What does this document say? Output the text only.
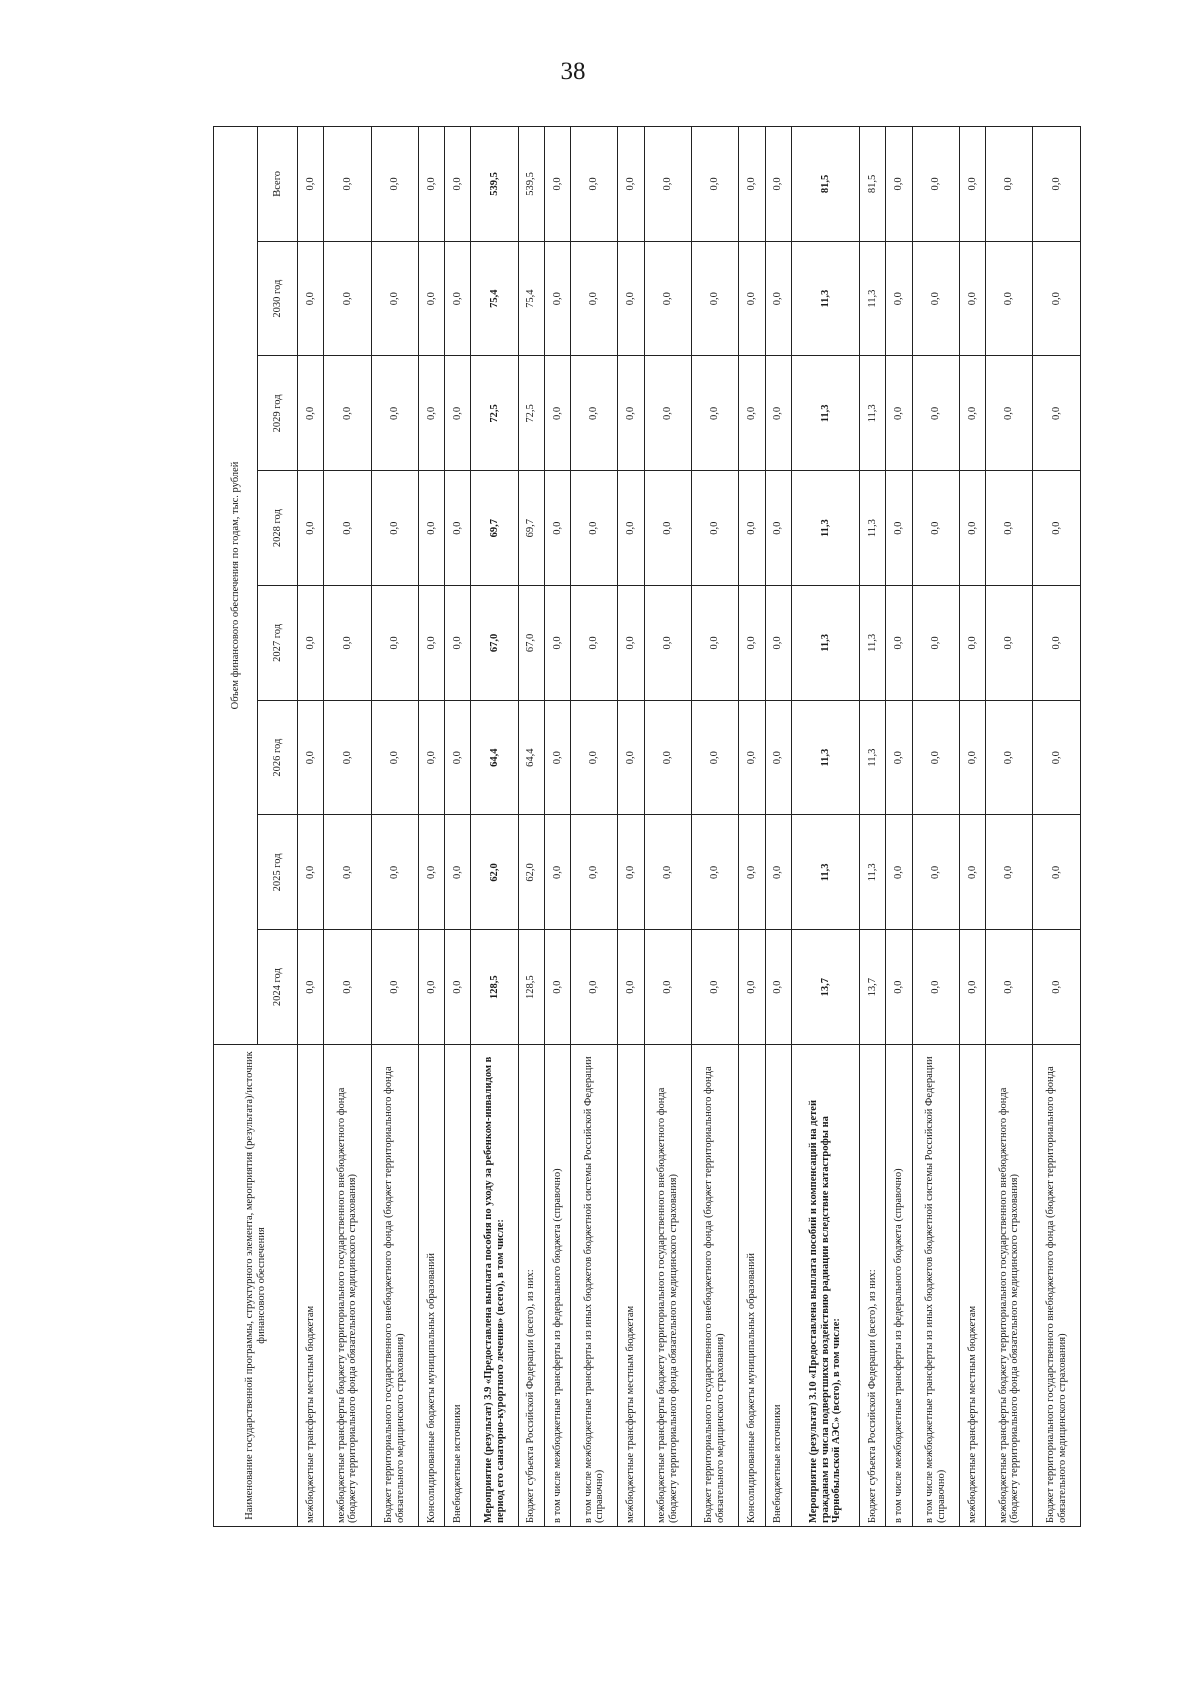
38
Наименование государственной программы, структурного элемента, мероприятия (результата)/источник финансового обеспечения	Объем финансового обеспечения по годам, тыс. рублей							
	2024 год	2025 год	2026 год	2027 год	2028 год	2029 год	2030 год	Всего
межбюджетные трансферты местным бюджетам	0,0	0,0	0,0	0,0	0,0	0,0	0,0	0,0
межбюджетные трансферты бюджету территориального государственного внебюджетного фонда (бюджету территориального фонда обязательного медицинского страхования)	0,0	0,0	0,0	0,0	0,0	0,0	0,0	0,0
Бюджет территориального государственного внебюджетного фонда (бюджет территориального фонда обязательного медицинского страхования)	0,0	0,0	0,0	0,0	0,0	0,0	0,0	0,0
Консолидированные бюджеты муниципальных образований	0,0	0,0	0,0	0,0	0,0	0,0	0,0	0,0
Внебюджетные источники	0,0	0,0	0,0	0,0	0,0	0,0	0,0	0,0
Мероприятие (результат) 3.9 «Предоставлена выплата пособия по уходу за ребенком-инвалидом в период его санаторно-курортного лечения» (всего), в том числе:	128,5	62,0	64,4	67,0	69,7	72,5	75,4	539,5
Бюджет субъекта Российской Федерации (всего), из них:	128,5	62,0	64,4	67,0	69,7	72,5	75,4	539,5
в том числе межбюджетные трансферты из федерального бюджета (справочно)	0,0	0,0	0,0	0,0	0,0	0,0	0,0	0,0
в том числе межбюджетные трансферты из иных бюджетов бюджетной системы Российской Федерации (справочно)	0,0	0,0	0,0	0,0	0,0	0,0	0,0	0,0
межбюджетные трансферты местным бюджетам	0,0	0,0	0,0	0,0	0,0	0,0	0,0	0,0
межбюджетные трансферты бюджету территориального государственного внебюджетного фонда (бюджету территориального фонда обязательного медицинского страхования)	0,0	0,0	0,0	0,0	0,0	0,0	0,0	0,0
Бюджет территориального государственного внебюджетного фонда (бюджет территориального фонда обязательного медицинского страхования)	0,0	0,0	0,0	0,0	0,0	0,0	0,0	0,0
Консолидированные бюджеты муниципальных образований	0,0	0,0	0,0	0,0	0,0	0,0	0,0	0,0
Внебюджетные источники	0,0	0,0	0,0	0,0	0,0	0,0	0,0	0,0
Мероприятие (результат) 3.10 «Предоставлена выплата пособий и компенсаций на детей гражданам из числа подвергшихся воздействию радиации вследствие катастрофы на Чернобыльской АЭС» (всего), в том числе:	13,7	11,3	11,3	11,3	11,3	11,3	11,3	81,5
Бюджет субъекта Российской Федерации (всего), из них:	13,7	11,3	11,3	11,3	11,3	11,3	11,3	81,5
в том числе межбюджетные трансферты из федерального бюджета (справочно)	0,0	0,0	0,0	0,0	0,0	0,0	0,0	0,0
в том числе межбюджетные трансферты из иных бюджетов бюджетной системы Российской Федерации (справочно)	0,0	0,0	0,0	0,0	0,0	0,0	0,0	0,0
межбюджетные трансферты местным бюджетам	0,0	0,0	0,0	0,0	0,0	0,0	0,0	0,0
межбюджетные трансферты бюджету территориального государственного внебюджетного фонда (бюджету территориального фонда обязательного медицинского страхования)	0,0	0,0	0,0	0,0	0,0	0,0	0,0	0,0
Бюджет территориального государственного внебюджетного фонда (бюджет территориального фонда обязательного медицинского страхования)	0,0	0,0	0,0	0,0	0,0	0,0	0,0	0,0
